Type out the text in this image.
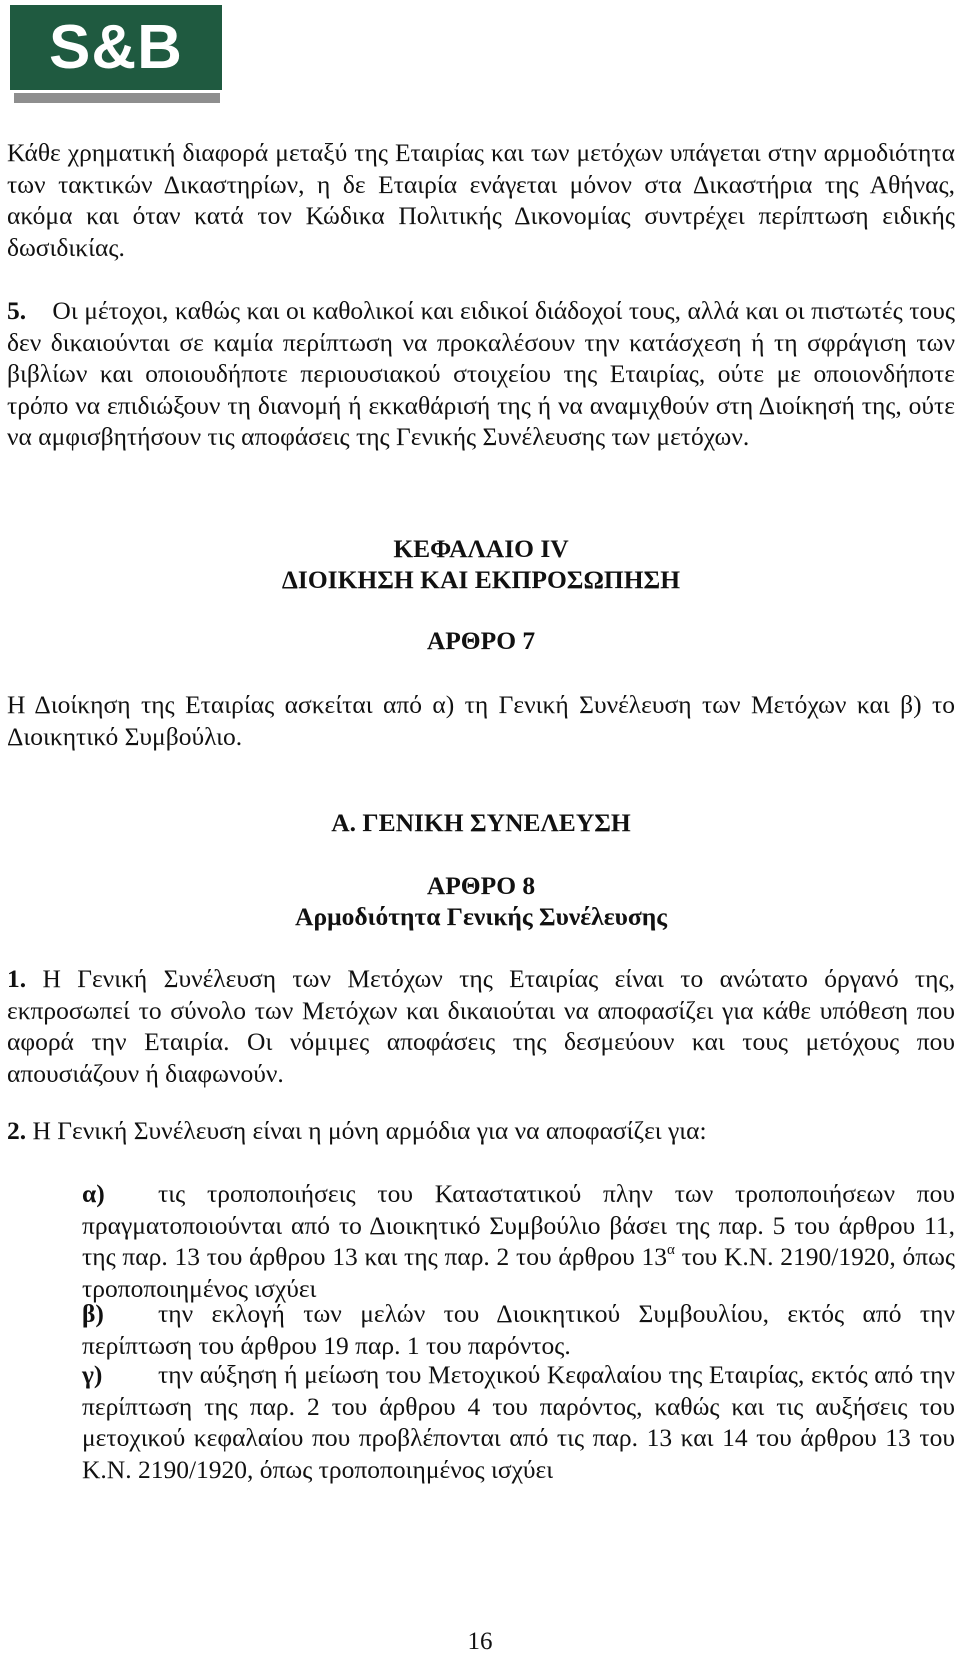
S&B

Κάθε χρηματική διαφορά μεταξύ της Εταιρίας και των μετόχων υπάγεται στην αρμοδιότητα των τακτικών Δικαστηρίων, η δε Εταιρία ενάγεται μόνον στα Δικαστήρια της Αθήνας, ακόμα και όταν κατά τον Κώδικα Πολιτικής Δικονομίας συντρέχει περίπτωση ειδικής δωσιδικίας.

5. Οι μέτοχοι, καθώς και οι καθολικοί και ειδικοί διάδοχοί τους, αλλά και οι πιστωτές τους δεν δικαιούνται σε καμία περίπτωση να προκαλέσουν την κατάσχεση ή τη σφράγιση των βιβλίων και οποιουδήποτε περιουσιακού στοιχείου της Εταιρίας, ούτε με οποιονδήποτε τρόπο να επιδιώξουν τη διανομή ή εκκαθάρισή της ή να αναμιχθούν στη Διοίκησή της, ούτε να αμφισβητήσουν τις αποφάσεις της Γενικής Συνέλευσης των μετόχων.

ΚΕΦΑΛΑΙΟ IV

ΔΙΟΙΚΗΣΗ ΚΑΙ ΕΚΠΡΟΣΩΠΗΣΗ

ΑΡΘΡΟ 7

Η Διοίκηση της Εταιρίας ασκείται από α) τη Γενική Συνέλευση των Μετόχων και β) το Διοικητικό Συμβούλιο.

Α. ΓΕΝΙΚΗ ΣΥΝΕΛΕΥΣΗ

ΑΡΘΡΟ 8

Αρμοδιότητα Γενικής Συνέλευσης

1. Η Γενική Συνέλευση των Μετόχων της Εταιρίας είναι το ανώτατο όργανό της, εκπροσωπεί το σύνολο των Μετόχων και δικαιούται να αποφασίζει για κάθε υπόθεση που αφορά την Εταιρία. Οι νόμιμες αποφάσεις της δεσμεύουν και τους μετόχους που απουσιάζουν ή διαφωνούν.

2. Η Γενική Συνέλευση είναι η μόνη αρμόδια για να αποφασίζει για:

α) τις τροποποιήσεις του Καταστατικού πλην των τροποποιήσεων που πραγματοποιούνται από το Διοικητικό Συμβούλιο βάσει της παρ. 5 του άρθρου 11, της παρ. 13 του άρθρου 13 και της παρ. 2 του άρθρου $13^\alpha$ του Κ.Ν. 2190/1920, όπως τροποποιημένος ισχύει

β) την εκλογή των μελών του Διοικητικού Συμβουλίου, εκτός από την περίπτωση του άρθρου 19 παρ. 1 του παρόντος.

γ) την αύξηση ή μείωση του Μετοχικού Κεφαλαίου της Εταιρίας, εκτός από την περίπτωση της παρ. 2 του άρθρου 4 του παρόντος, καθώς και τις αυξήσεις του μετοχικού κεφαλαίου που προβλέπονται από τις παρ. 13 και 14 του άρθρου 13 του Κ.Ν. 2190/1920, όπως τροποποιημένος ισχύει

16
